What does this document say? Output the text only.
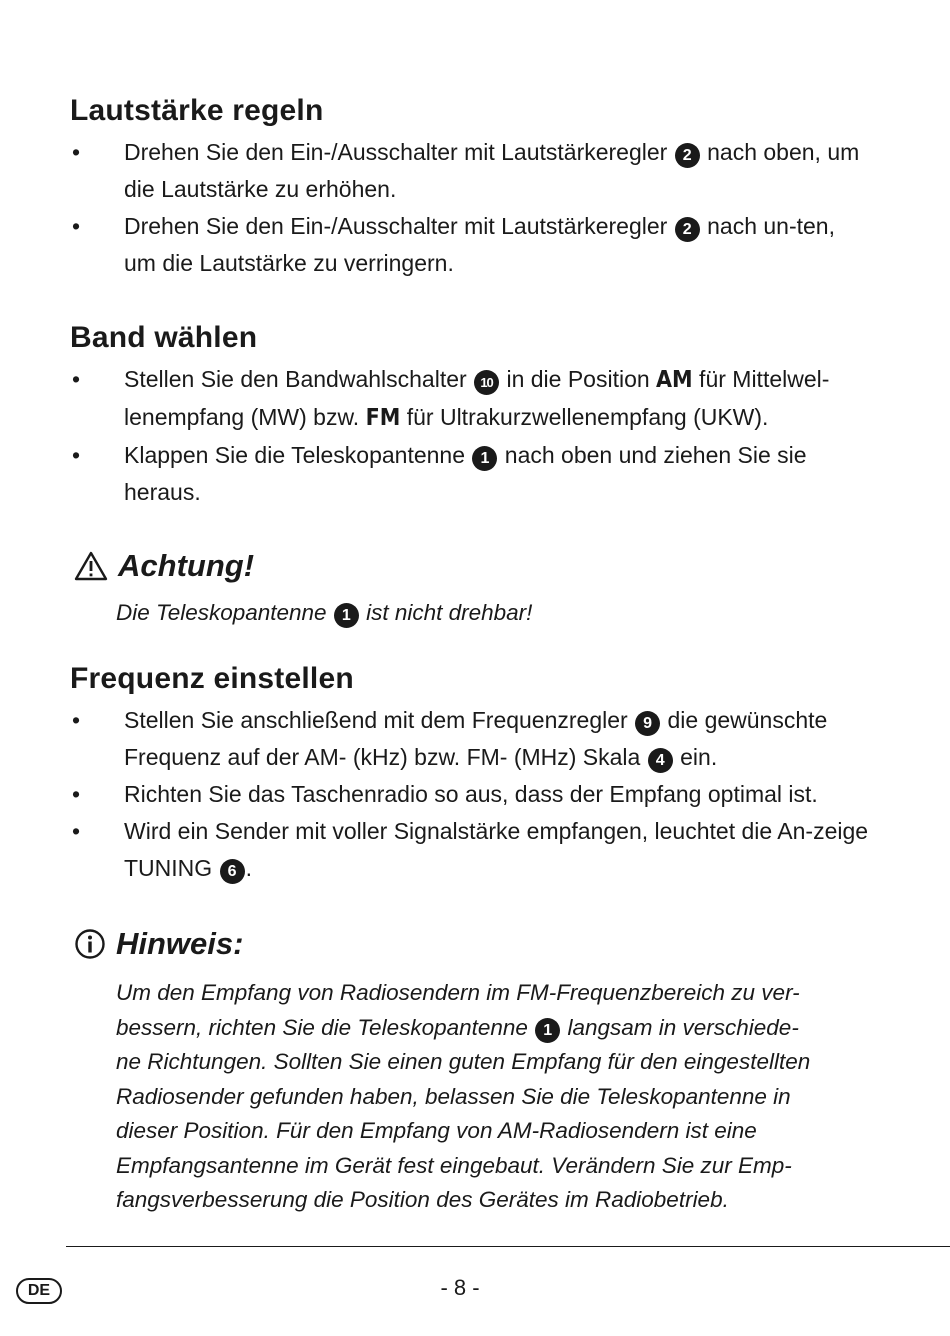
Lautstärke regeln
• Drehen Sie den Ein-/Ausschalter mit Lautstärkeregler 2 nach oben, um die Lautstärke zu erhöhen.
• Drehen Sie den Ein-/Ausschalter mit Lautstärkeregler 2 nach un-ten, um die Lautstärke zu verringern.
Band wählen
• Stellen Sie den Bandwahlschalter 10 in die Position AM für Mittelwel-lenempfang (MW) bzw. FM für Ultrakurzwellenempfang (UKW).
• Klappen Sie die Teleskopantenne 1 nach oben und ziehen Sie sie heraus.
Achtung!

Die Teleskopantenne 1 ist nicht drehbar!

Frequenz einstellen
• Stellen Sie anschließend mit dem Frequenzregler 9 die gewünschte Frequenz auf der AM- (kHz) bzw. FM- (MHz) Skala 4 ein.
• Richten Sie das Taschenradio so aus, dass der Empfang optimal ist.
• Wird ein Sender mit voller Signalstärke empfangen, leuchtet die An-zeige TUNING 6 .
Hinweis:
Um den Empfang von Radiosendern im FM-Frequenzbereich zu ver-
bessern, richten Sie die Teleskopantenne 1 langsam in verschiede-
ne Richtungen. Sollten Sie einen guten Empfang für den eingestellten
Radiosender gefunden haben, belassen Sie die Teleskopantenne in
dieser Position. Für den Empfang von AM-Radiosendern ist eine
Empfangsantenne im Gerät fest eingebaut. Verändern Sie zur Emp-
fangsverbesserung die Position des Gerätes im Radiobetrieb.
DE	- 8 -
